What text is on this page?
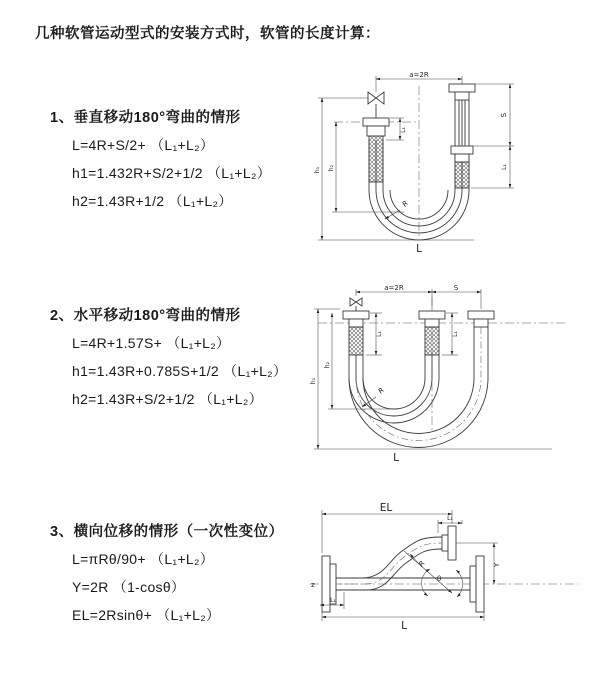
几种软管运动型式的安装方式时，软管的长度计算：

1、垂直移动180°弯曲的情形

L=4R+S/2+ （L₁+L₂）

h1=1.432R+S/2+1/2 （L₁+L₂）

h2=1.43R+1/2 （L₁+L₂）

2、水平移动180°弯曲的情形

L=4R+1.57S+ （L₁+L₂）

h1=1.43R+0.785S+1/2 （L₁+L₂）

h2=1.43R+S/2+1/2 （L₁+L₂）

3、横向位移的情形（一次性变位）

L=πRθ/90+ （L₁+L₂）

Y=2R （1-cosθ）

EL=2Rsinθ+ （L₁+L₂）

a=2R
S
L₁
h₁ h₂
L₁
R
L
a=2R	S
L₁	L₁
h₁
h₂
L
R
z
θ
R
EL
L₁
Y
L₁
L
